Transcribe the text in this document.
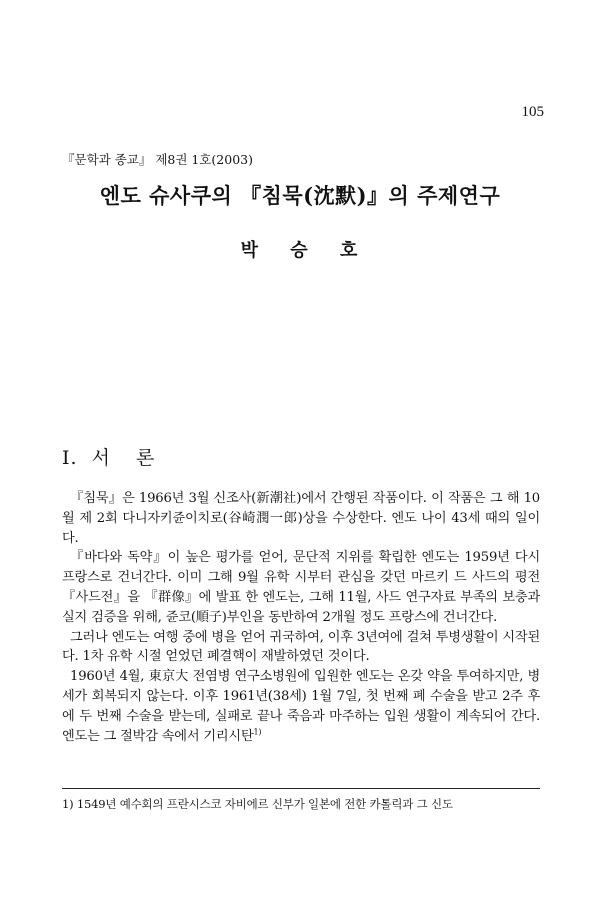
105
『문학과 종교』 제8권 1호(2003)
엔도 슈사쿠의 『침묵(沈默)』의 주제연구
박 승 호
I. 서 론

『침묵』은 1966년 3월 신조사(新潮社)에서 간행된 작품이다. 이 작품은 그 해 10월 제 2회 다니자키쥰이치로(谷崎潤一郎)상을 수상한다. 엔도 나이 43세 때의 일이다.

『바다와 독약』이 높은 평가를 얻어, 문단적 지위를 확립한 엔도는 1959년 다시 프랑스로 건너간다. 이미 그해 9월 유학 시부터 관심을 갖던 마르키 드 사드의 평전 『사드전』을 『群像』에 발표 한 엔도는, 그해 11월, 사드 연구자료 부족의 보충과 실지 검증을 위해, 쥰코(順子)부인을 동반하여 2개월 정도 프랑스에 건너간다.

그러나 엔도는 여행 중에 병을 얻어 귀국하여, 이후 3년여에 걸쳐 투병생활이 시작된다. 1차 유학 시절 얻었던 폐결핵이 재발하였던 것이다.

1960년 4월, 東京大 전염병 연구소병원에 입원한 엔도는 온갖 약을 투여하지만, 병세가 회복되지 않는다. 이후 1961년(38세) 1월 7일, 첫 번째 폐 수술을 받고 2주 후에 두 번째 수술을 받는데, 실패로 끝나 죽음과 마주하는 입원 생활이 계속되어 간다. 엔도는 그 절박감 속에서 기리시탄$^{1)}$

1) 1549년 예수회의 프란시스코 자비에르 신부가 일본에 전한 카톨릭과 그 신도
